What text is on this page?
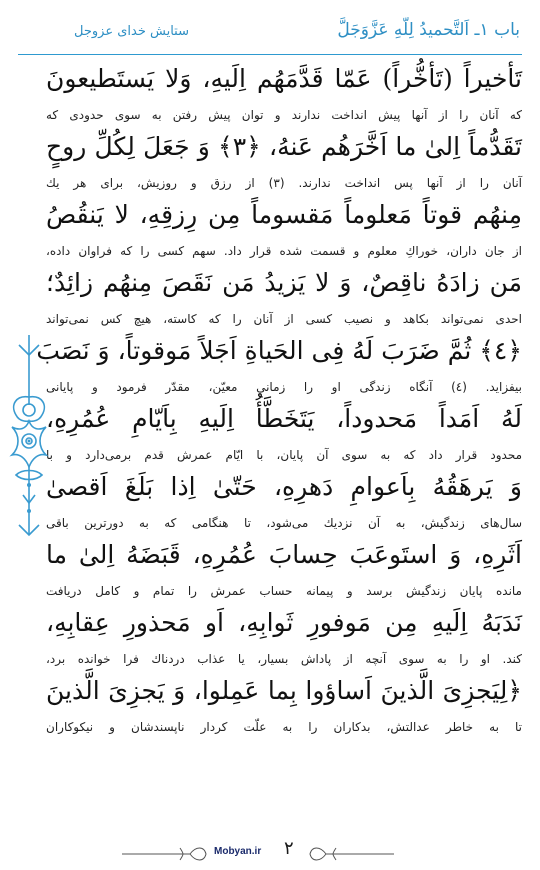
باب ۱ـ اَلتَّحمیدُ لِلّهِ عَزَّوَجَلَّ
ستایش خدای عزوجل
تَأخيراً (تَأخُّراً) عَمّا قَدَّمَهُم اِلَيهِ، وَلا يَستَطيعونَ
كه آنان را از آنها پيش انداخت ندارند و توان پيش رفتن به سوى حدودى كه
تَقَدُّماً اِلىٰ ما اَخَّرَهُم عَنهُ، ﴿٣﴾ وَ جَعَلَ لِكُلِّ روحٍ
آنان را از آنها پس انداخت ندارند. (٣) از رزق و روزيش، براى هر يك
مِنهُم قوتاً مَعلوماً مَقسوماً مِن رِزقِهِ، لا يَنقُصُ
از جان داران، خوراكِ معلوم و قسمت شده قرار داد. سهم كسى را كه فراوان داده،
مَن زادَهُ ناقِصٌ، وَ لا يَزيدُ مَن نَقَصَ مِنهُم زائِدٌ؛
احدى نمى‌تواند بكاهد و نصيب كسى از آنان را كه كاسته، هيچ كس نمى‌تواند
﴿٤﴾ ثُمَّ ضَرَبَ لَهُ فِى الحَياةِ اَجَلاً مَوقوتاً، وَ نَصَبَ
بيفزايد. (٤) آنگاه زندگى او را زمانى معيّن، مقدّر فرمود و پايانى
لَهُ اَمَداً مَحدوداً، يَتَخَطَّأُ اِلَيهِ بِاَيّامِ عُمُرِهِ،
محدود قرار داد كه به سوى آن پايان، با ايّام عمرش قدم برمى‌دارد و با
وَ يَرهَقُهُ بِاَعوامِ دَهرِهِ، حَتّىٰ اِذا بَلَغَ اَقصىٰ
سال‌هاى زندگيش، به آن نزديك مى‌شود، تا هنگامى كه به دورترين باقى
اَثَرِهِ، وَ استَوعَبَ حِسابَ عُمُرِهِ، قَبَضَهُ اِلىٰ ما
مانده پايان زندگيش برسد و پيمانه حساب عمرش را تمام و كامل دريافت
نَدَبَهُ اِلَيهِ مِن مَوفورِ ثَوابِهِ، اَو مَحذورِ عِقابِهِ،
كند. او را به سوى آنچه از پاداش بسيار، يا عذاب دردناك فرا خوانده برد،
﴿لِيَجزِىَ الَّذينَ اَساؤوا بِما عَمِلوا، وَ يَجزِىَ الَّذينَ
تا به خاطر عدالتش، بدكاران را به علّت كردار ناپسندشان و نيكوكاران
Mobyan.ir ٢
